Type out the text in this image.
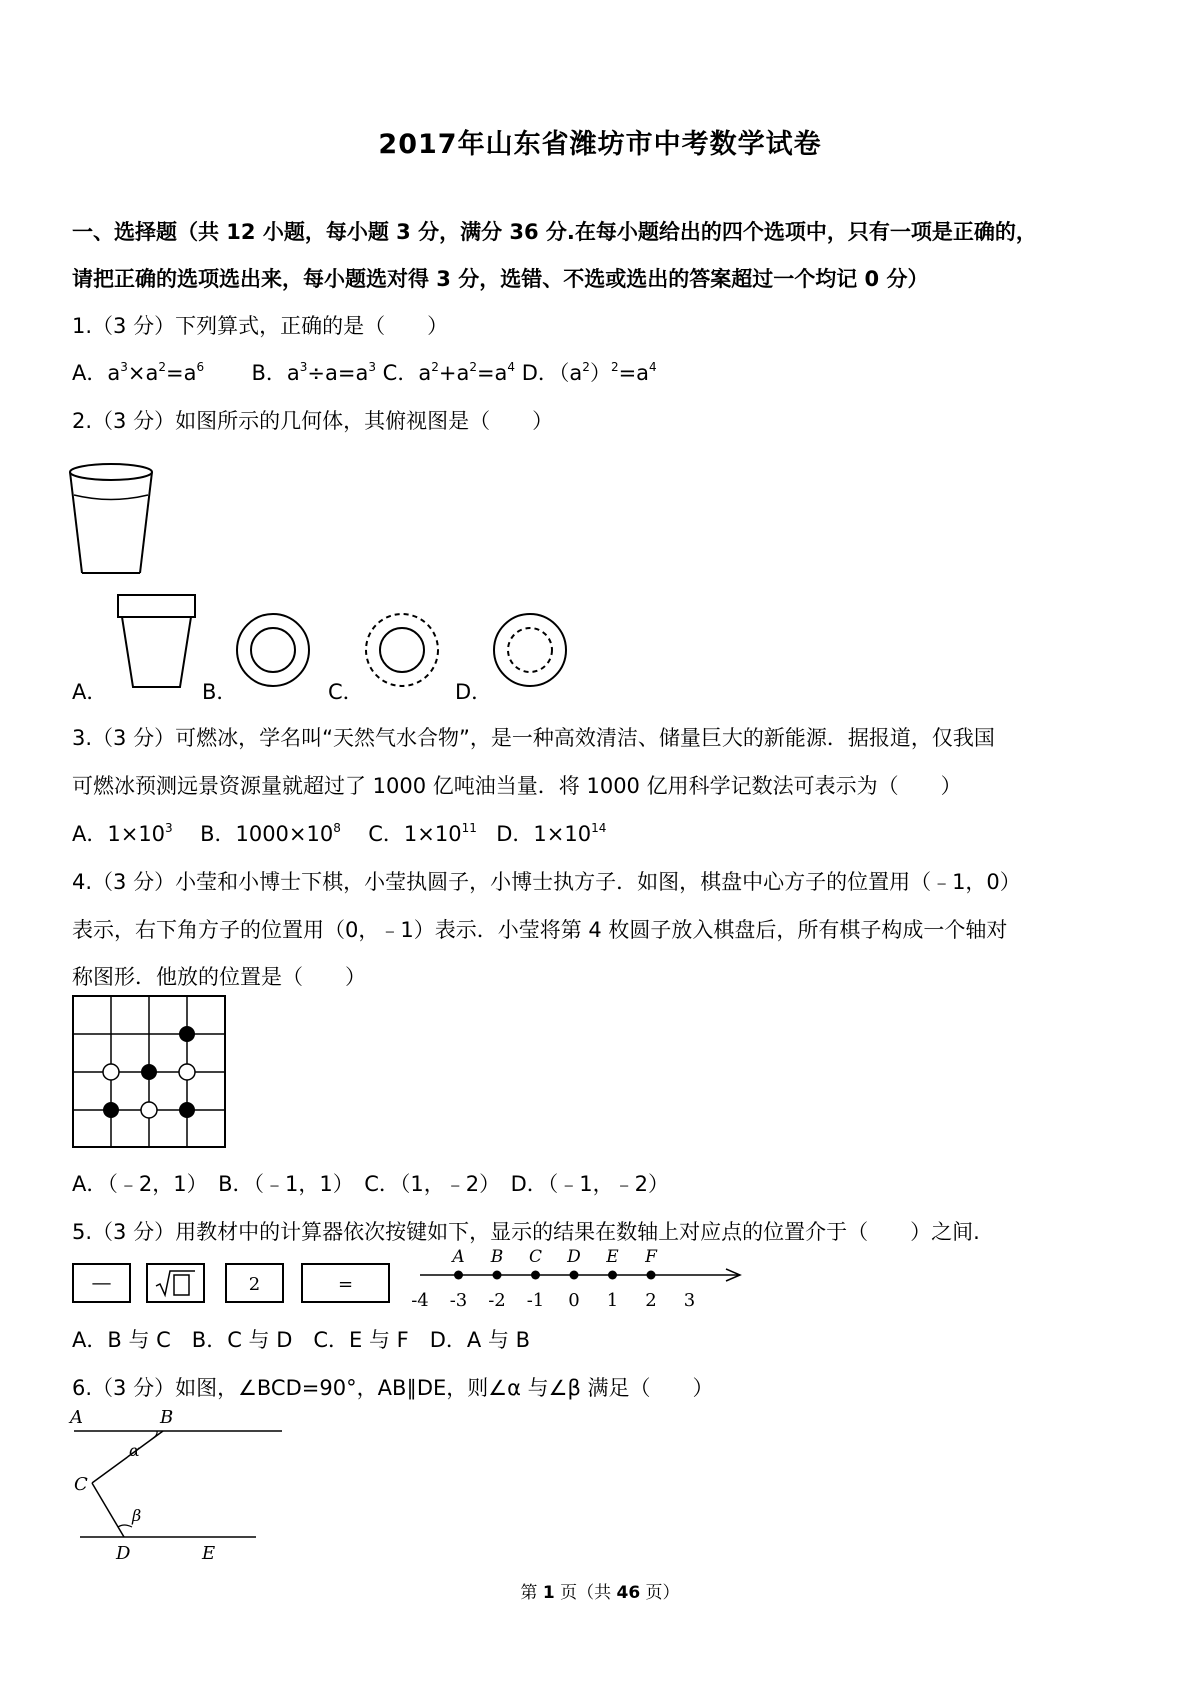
2017年山东省潍坊市中考数学试卷
一、选择题（共 12 小题，每小题 3 分，满分 36 分.在每小题给出的四个选项中，只有一项是正确的，
请把正确的选项选出来，每小题选对得 3 分，选错、不选或选出的答案超过一个均记 0 分）
1.（3 分）下列算式，正确的是（　　）
A．$a^3\times a^2=a^6$ B．$a^3\div a=a^3$ C．$a^2+a^2=a^4$ D．$(a^2)^2=a^4$
2.（3 分）如图所示的几何体，其俯视图是（　　）
A．	B．	C．	D．
3.（3 分）可燃冰，学名叫“天然气水合物”，是一种高效清洁、储量巨大的新能源．据报道，仅我国
可燃冰预测远景资源量就超过了 1000 亿吨油当量．将 1000 亿用科学记数法可表示为（　　）
A．$1\times 10^3$ B．$1000\times 10^8$ C．$1\times 10^{11}$ D．$1\times 10^{14}$
4.（3 分）小莹和小博士下棋，小莹执圆子，小博士执方子．如图，棋盘中心方子的位置用（﹣1，0）
表示，右下角方子的位置用（0，﹣1）表示．小莹将第 4 枚圆子放入棋盘后，所有棋子构成一个轴对
称图形．他放的位置是（　　）
A．（﹣2，1）　B．（﹣1，1）　C．（1，﹣2）　D．（﹣1，﹣2）
5.（3 分）用教材中的计算器依次按键如下，显示的结果在数轴上对应点的位置介于（　　）之间.
—	2	=
-4 -3 -2 -1 0 1 2 3
A B C D E F
A．B 与 C　B．C 与 D　C．E 与 F　D．A 与 B
6.（3 分）如图，∠BCD=90°，AB∥DE，则∠α 与∠β 满足（　　）
A	B
α
C
β
D	E
第 1 页（共 46 页）
